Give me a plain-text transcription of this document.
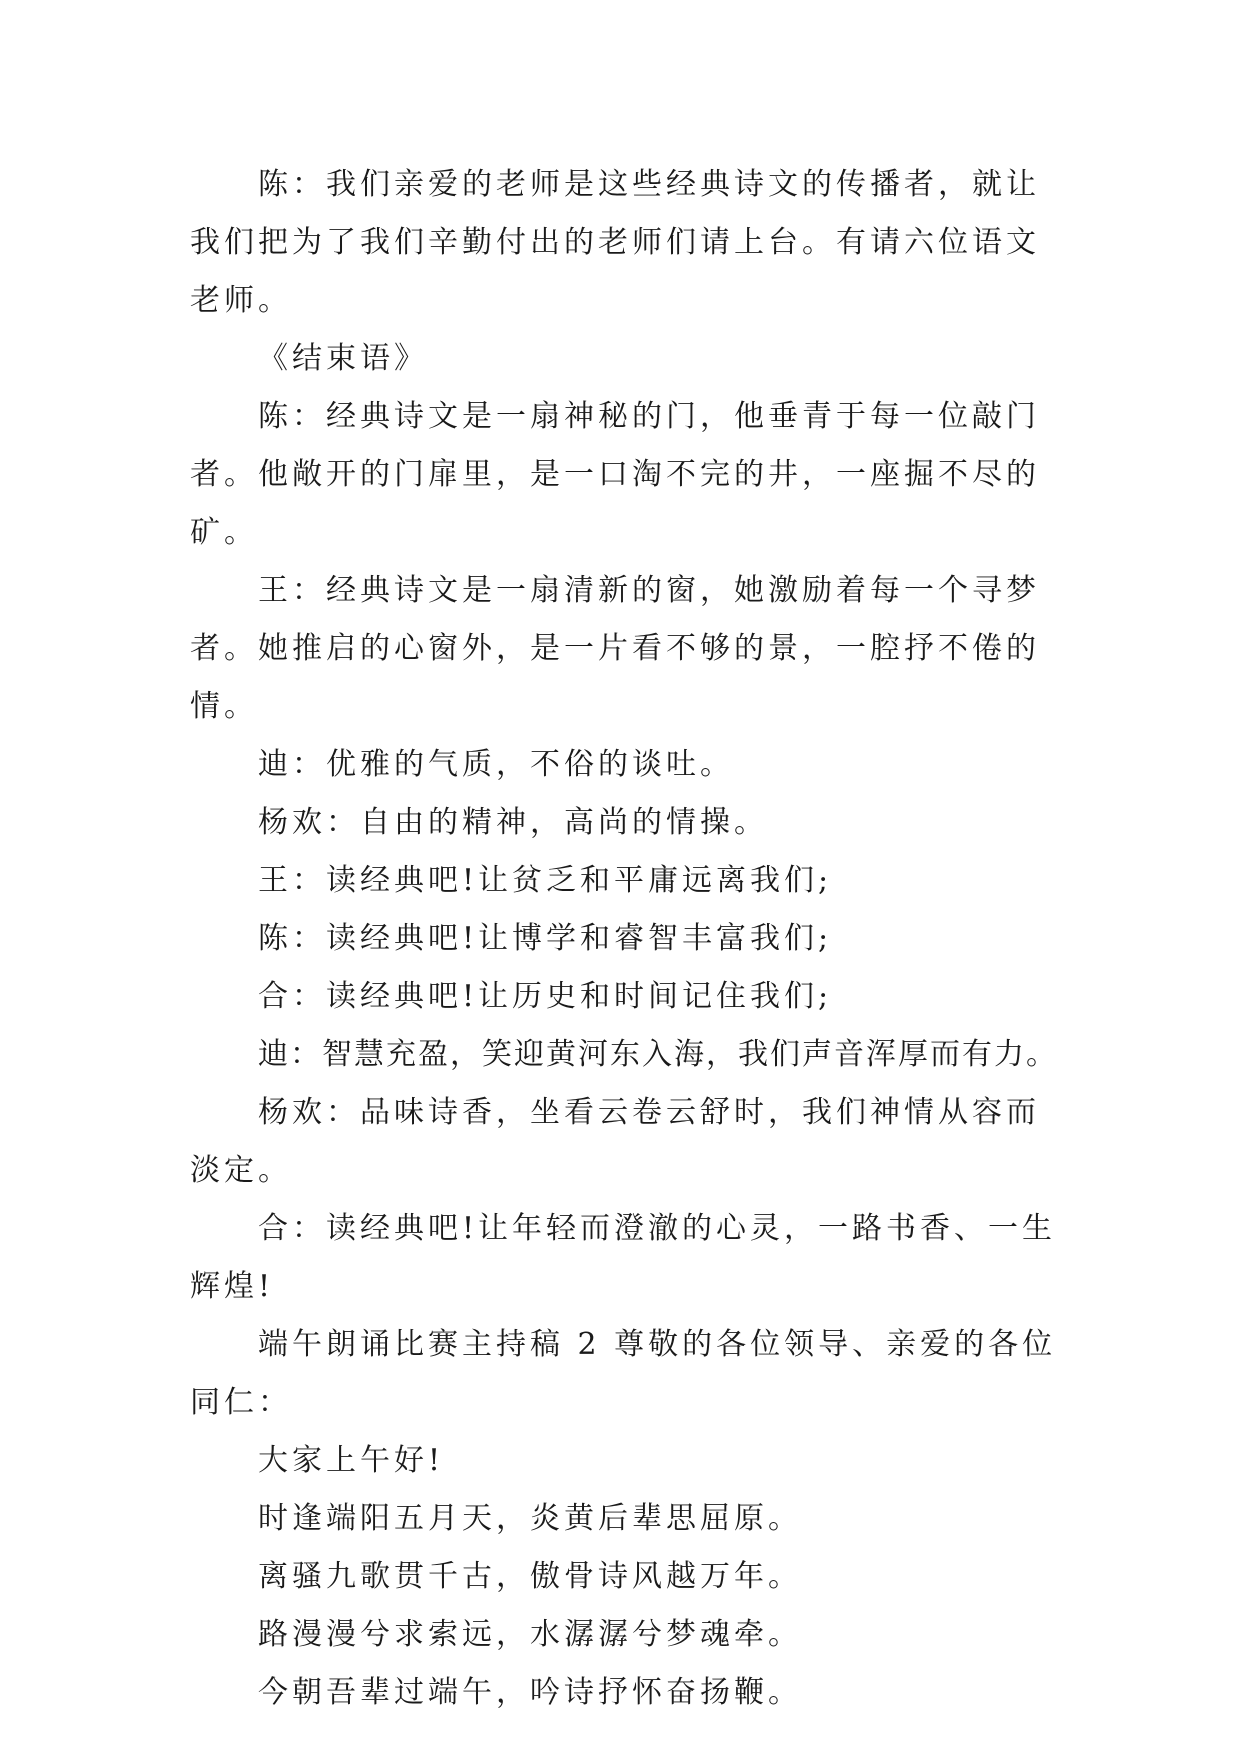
陈：我们亲爱的老师是这些经典诗文的传播者，就让我们把为了我们辛勤付出的老师们请上台。有请六位语文老师。

《结束语》

陈：经典诗文是一扇神秘的门，他垂青于每一位敲门者。他敞开的门扉里，是一口淘不完的井，一座掘不尽的矿。

王：经典诗文是一扇清新的窗，她激励着每一个寻梦者。她推启的心窗外，是一片看不够的景，一腔抒不倦的情。

迪：优雅的气质，不俗的谈吐。

杨欢：自由的精神，高尚的情操。

王：读经典吧!让贫乏和平庸远离我们;

陈：读经典吧!让博学和睿智丰富我们;

合：读经典吧!让历史和时间记住我们;

迪：智慧充盈，笑迎黄河东入海，我们声音浑厚而有力。

杨欢：品味诗香，坐看云卷云舒时，我们神情从容而淡定。

合：读经典吧!让年轻而澄澈的心灵，一路书香、一生辉煌!

端午朗诵比赛主持稿 2 尊敬的各位领导、亲爱的各位同仁：

大家上午好!

时逢端阳五月天，炎黄后辈思屈原。

离骚九歌贯千古，傲骨诗风越万年。

路漫漫兮求索远，水潺潺兮梦魂牵。

今朝吾辈过端午，吟诗抒怀奋扬鞭。
